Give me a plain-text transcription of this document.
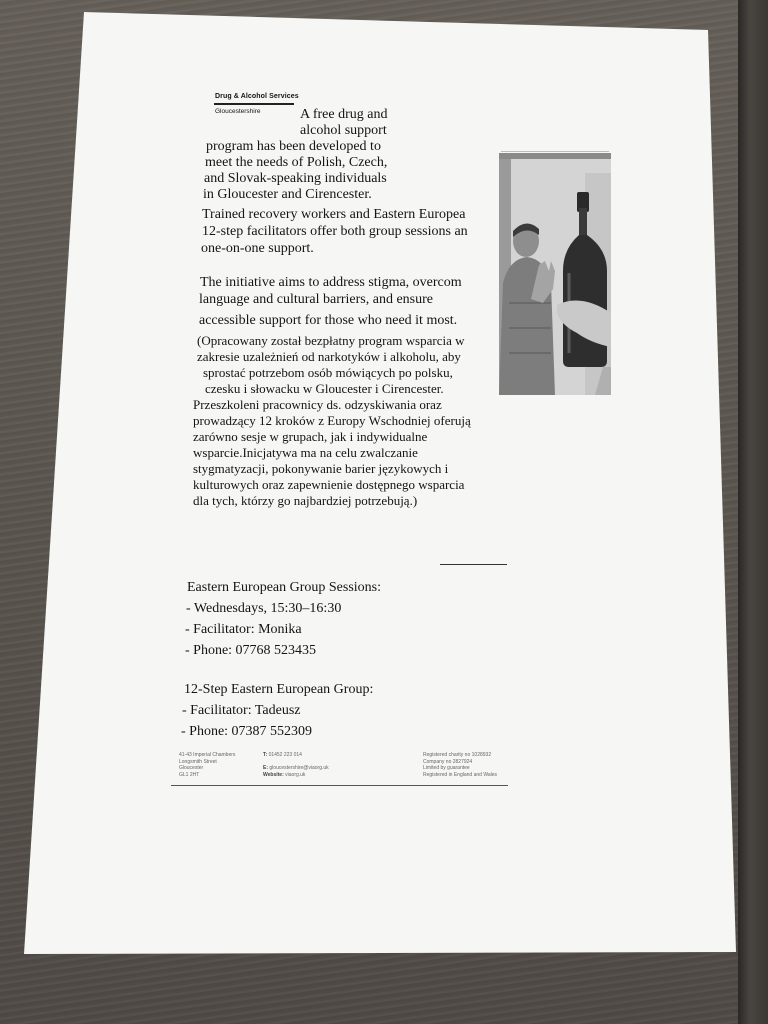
Drug & Alcohol Services
Gloucestershire	A free drug and
alcohol support
program has been developed to
meet the needs of Polish, Czech,
and Slovak-speaking individuals
in Gloucester and Cirencester.
Trained recovery workers and Eastern Europea
12-step facilitators offer both group sessions an
one-on-one support.
The initiative aims to address stigma, overcom
language and cultural barriers, and ensure
accessible support for those who need it most.
(Opracowany został bezpłatny program wsparcia w
zakresie uzależnień od narkotyków i alkoholu, aby
sprostać potrzebom osób mówiących po polsku,
czesku i słowacku w Gloucester i Cirencester.
Przeszkoleni pracownicy ds. odzyskiwania oraz
prowadzący 12 kroków z Europy Wschodniej oferują
zarówno sesje w grupach, jak i indywidualne
wsparcie.Inicjatywa ma na celu zwalczanie
stygmatyzacji, pokonywanie barier językowych i
kulturowych oraz zapewnienie dostępnego wsparcia
dla tych, którzy go najbardziej potrzebują.)
Eastern European Group Sessions:
- Wednesdays, 15:30–16:30
- Facilitator: Monika
- Phone: 07768 523435
12-Step Eastern European Group:
- Facilitator: Tadeusz
- Phone: 07387 552309
41-43 Imperial Chambers
Longsmith Street
Gloucester
GL1 2HT
T: 01452 223 014

E: gloucestershire@viaorg.uk
Website: viaorg.uk
Registered charity no 1028932
Company no 2827924
Limited by guarantee
Registered in England and Wales
